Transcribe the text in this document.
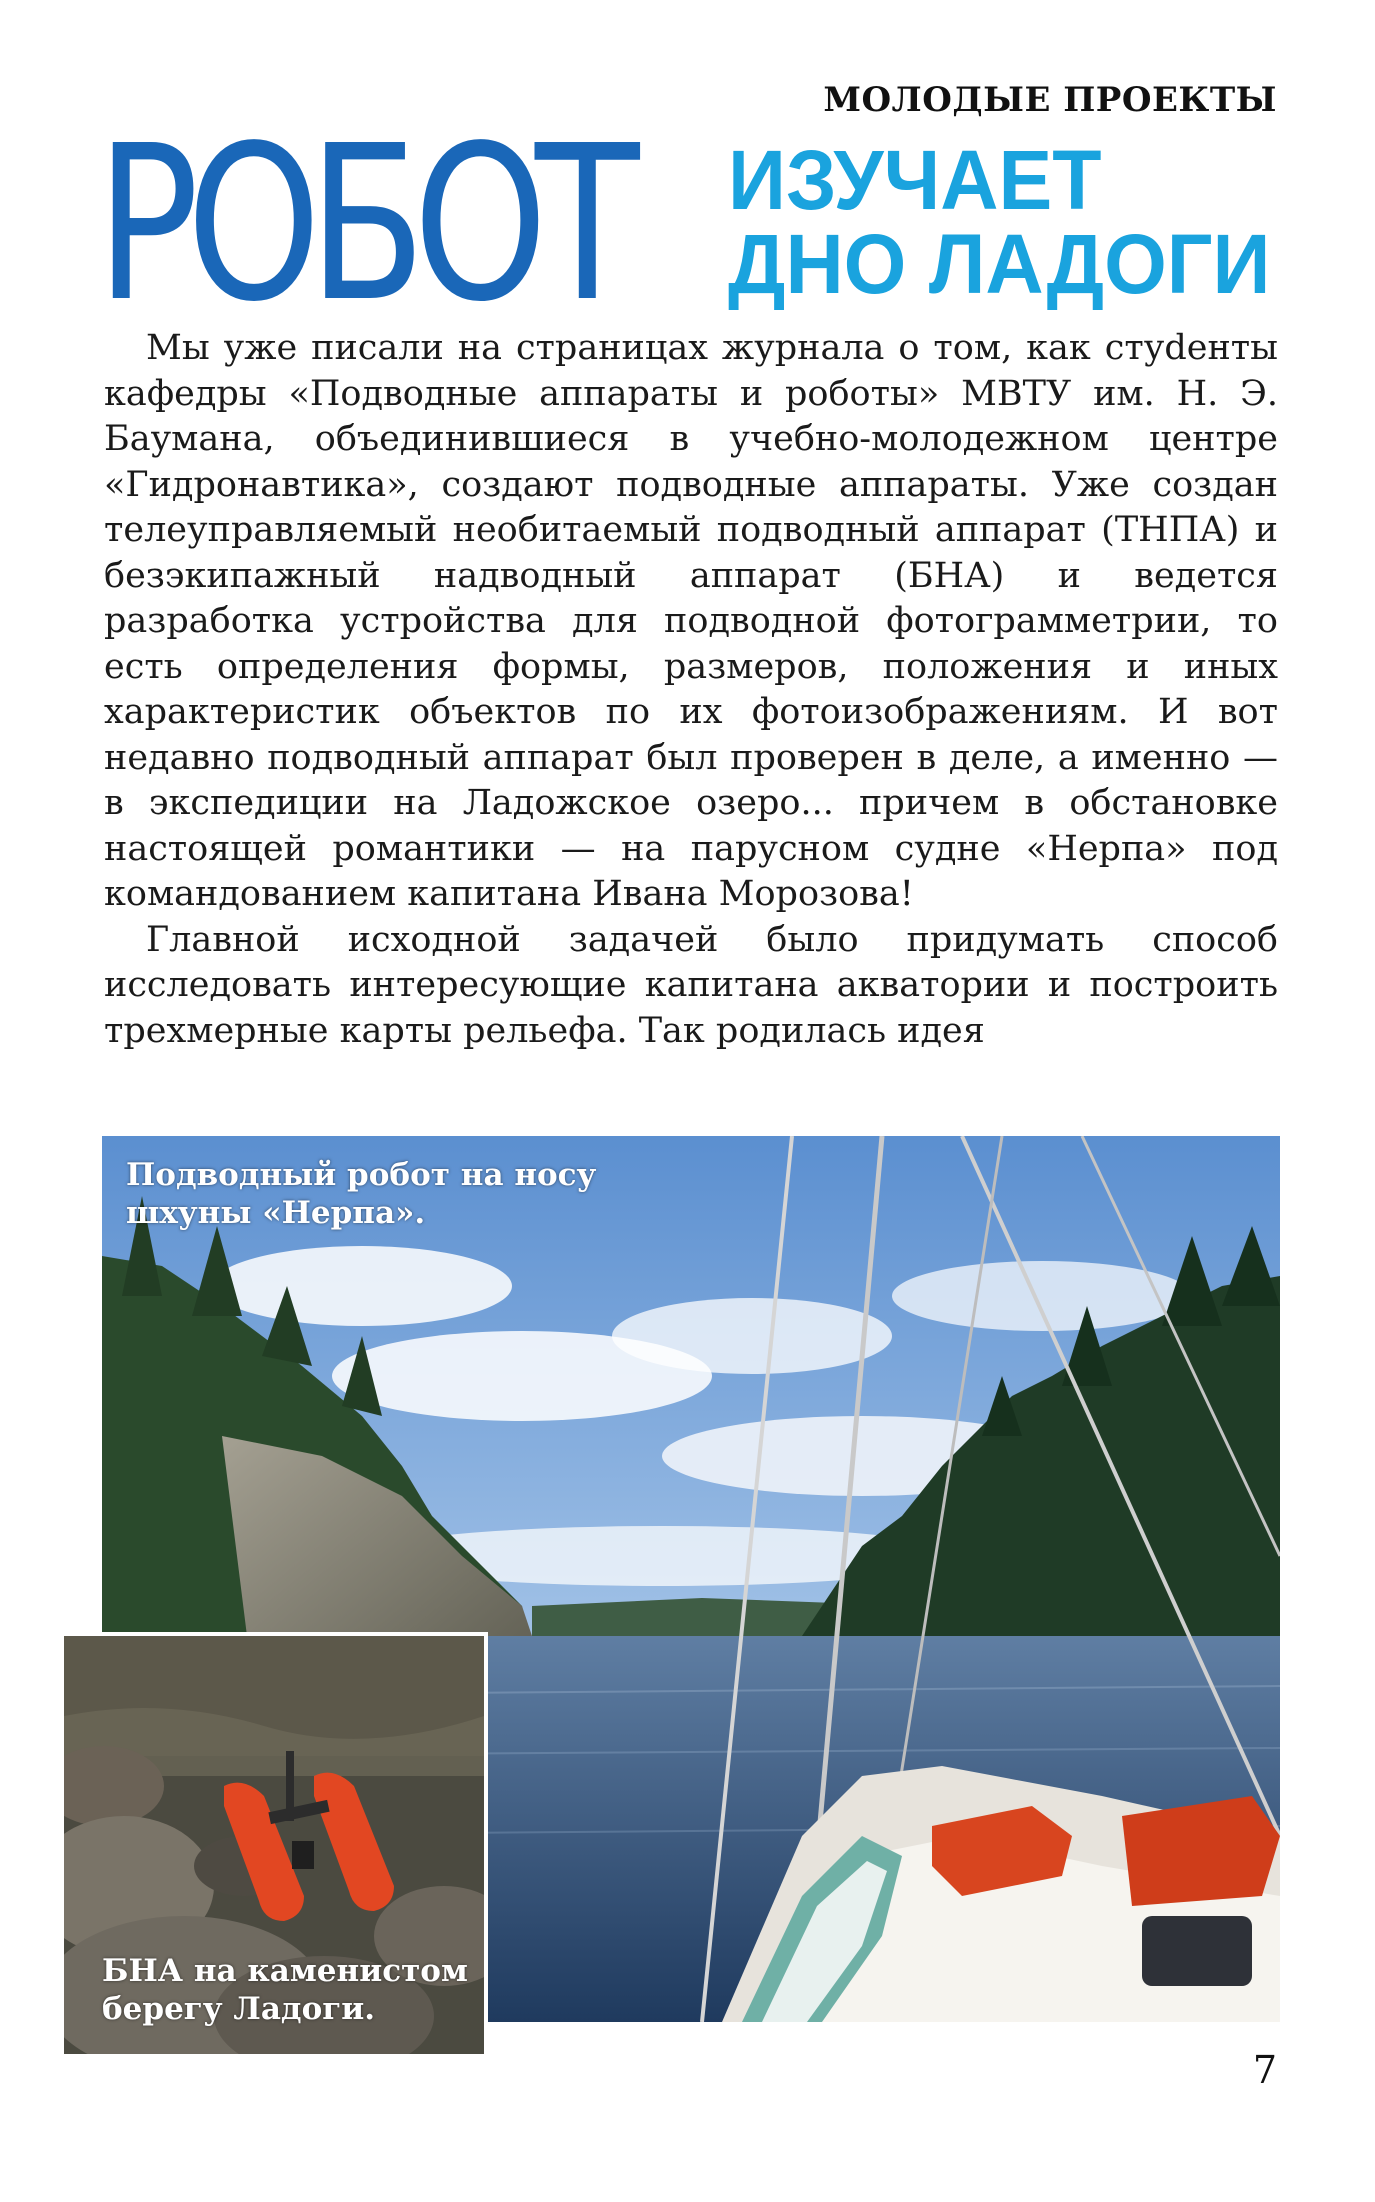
МОЛОДЫЕ ПРОЕКТЫ
РОБОТ ИЗУЧАЕТ
ДНО ЛАДОГИ

Мы уже писали на страницах журнала о том, как стуdенты кафедры «Подводные аппараты и роботы» МВТУ им. Н. Э. Баумана, объединившиеся в учебно-молодежном центре «Гидронавтика», создают подводные аппараты. Уже создан телеуправляемый необитаемый подводный аппарат (ТНПА) и безэкипажный надводный аппарат (БНА) и ведется разработка устройства для подводной фотограмметрии, то есть определения формы, размеров, положения и иных характеристик объектов по их фотоизображениям. И вот недавно подводный аппарат был проверен в деле, а именно — в экспедиции на Ладожское озеро... причем в обстановке настоящей романтики — на парусном судне «Нерпа» под командованием капитана Ивана Морозова!

Главной исходной задачей было придумать способ исследовать интересующие капитана акватории и построить трехмерные карты рельефа. Так родилась идея

Подводный робот на носу шхуны «Нерпа».
БНА на каменистом берегу Ладоги.
7
